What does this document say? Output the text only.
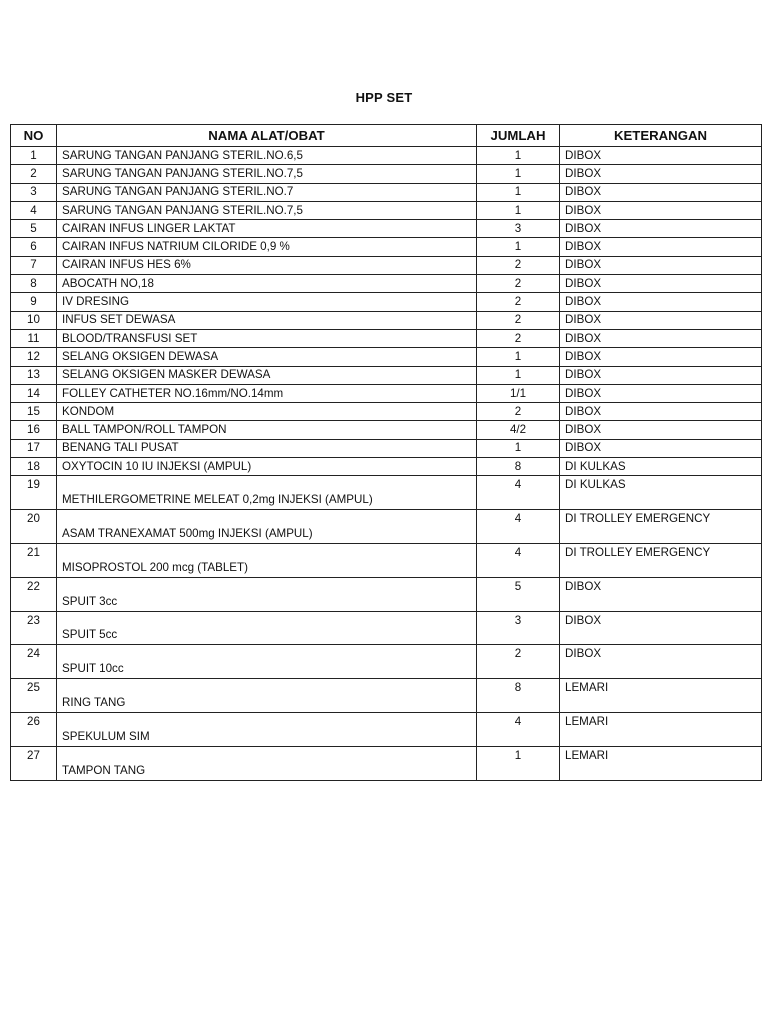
HPP SET
NO	NAMA ALAT/OBAT	JUMLAH	KETERANGAN
1	SARUNG TANGAN PANJANG STERIL.NO.6,5	1	DIBOX
2	SARUNG TANGAN PANJANG STERIL.NO.7,5	1	DIBOX
3	SARUNG TANGAN PANJANG STERIL.NO.7	1	DIBOX
4	SARUNG TANGAN PANJANG STERIL.NO.7,5	1	DIBOX
5	CAIRAN INFUS LINGER LAKTAT	3	DIBOX
6	CAIRAN INFUS NATRIUM CILORIDE 0,9 %	1	DIBOX
7	CAIRAN INFUS HES 6%	2	DIBOX
8	ABOCATH NO,18	2	DIBOX
9	IV DRESING	2	DIBOX
10	INFUS SET DEWASA	2	DIBOX
11	BLOOD/TRANSFUSI SET	2	DIBOX
12	SELANG OKSIGEN DEWASA	1	DIBOX
13	SELANG OKSIGEN MASKER DEWASA	1	DIBOX
14	FOLLEY CATHETER NO.16mm/NO.14mm	1/1	DIBOX
15	KONDOM	2	DIBOX
16	BALL TAMPON/ROLL TAMPON	4/2	DIBOX
17	BENANG TALI PUSAT	1	DIBOX
18	OXYTOCIN 10 IU INJEKSI (AMPUL)	8	DI KULKAS
19	METHILERGOMETRINE MELEAT 0,2mg INJEKSI (AMPUL)	4	DI KULKAS
20	ASAM TRANEXAMAT 500mg INJEKSI (AMPUL)	4	DI TROLLEY EMERGENCY
21	MISOPROSTOL 200 mcg (TABLET)	4	DI TROLLEY EMERGENCY
22	SPUIT 3cc	5	DIBOX
23	SPUIT 5cc	3	DIBOX
24	SPUIT 10cc	2	DIBOX
25	RING TANG	8	LEMARI
26	SPEKULUM SIM	4	LEMARI
27	TAMPON TANG	1	LEMARI
